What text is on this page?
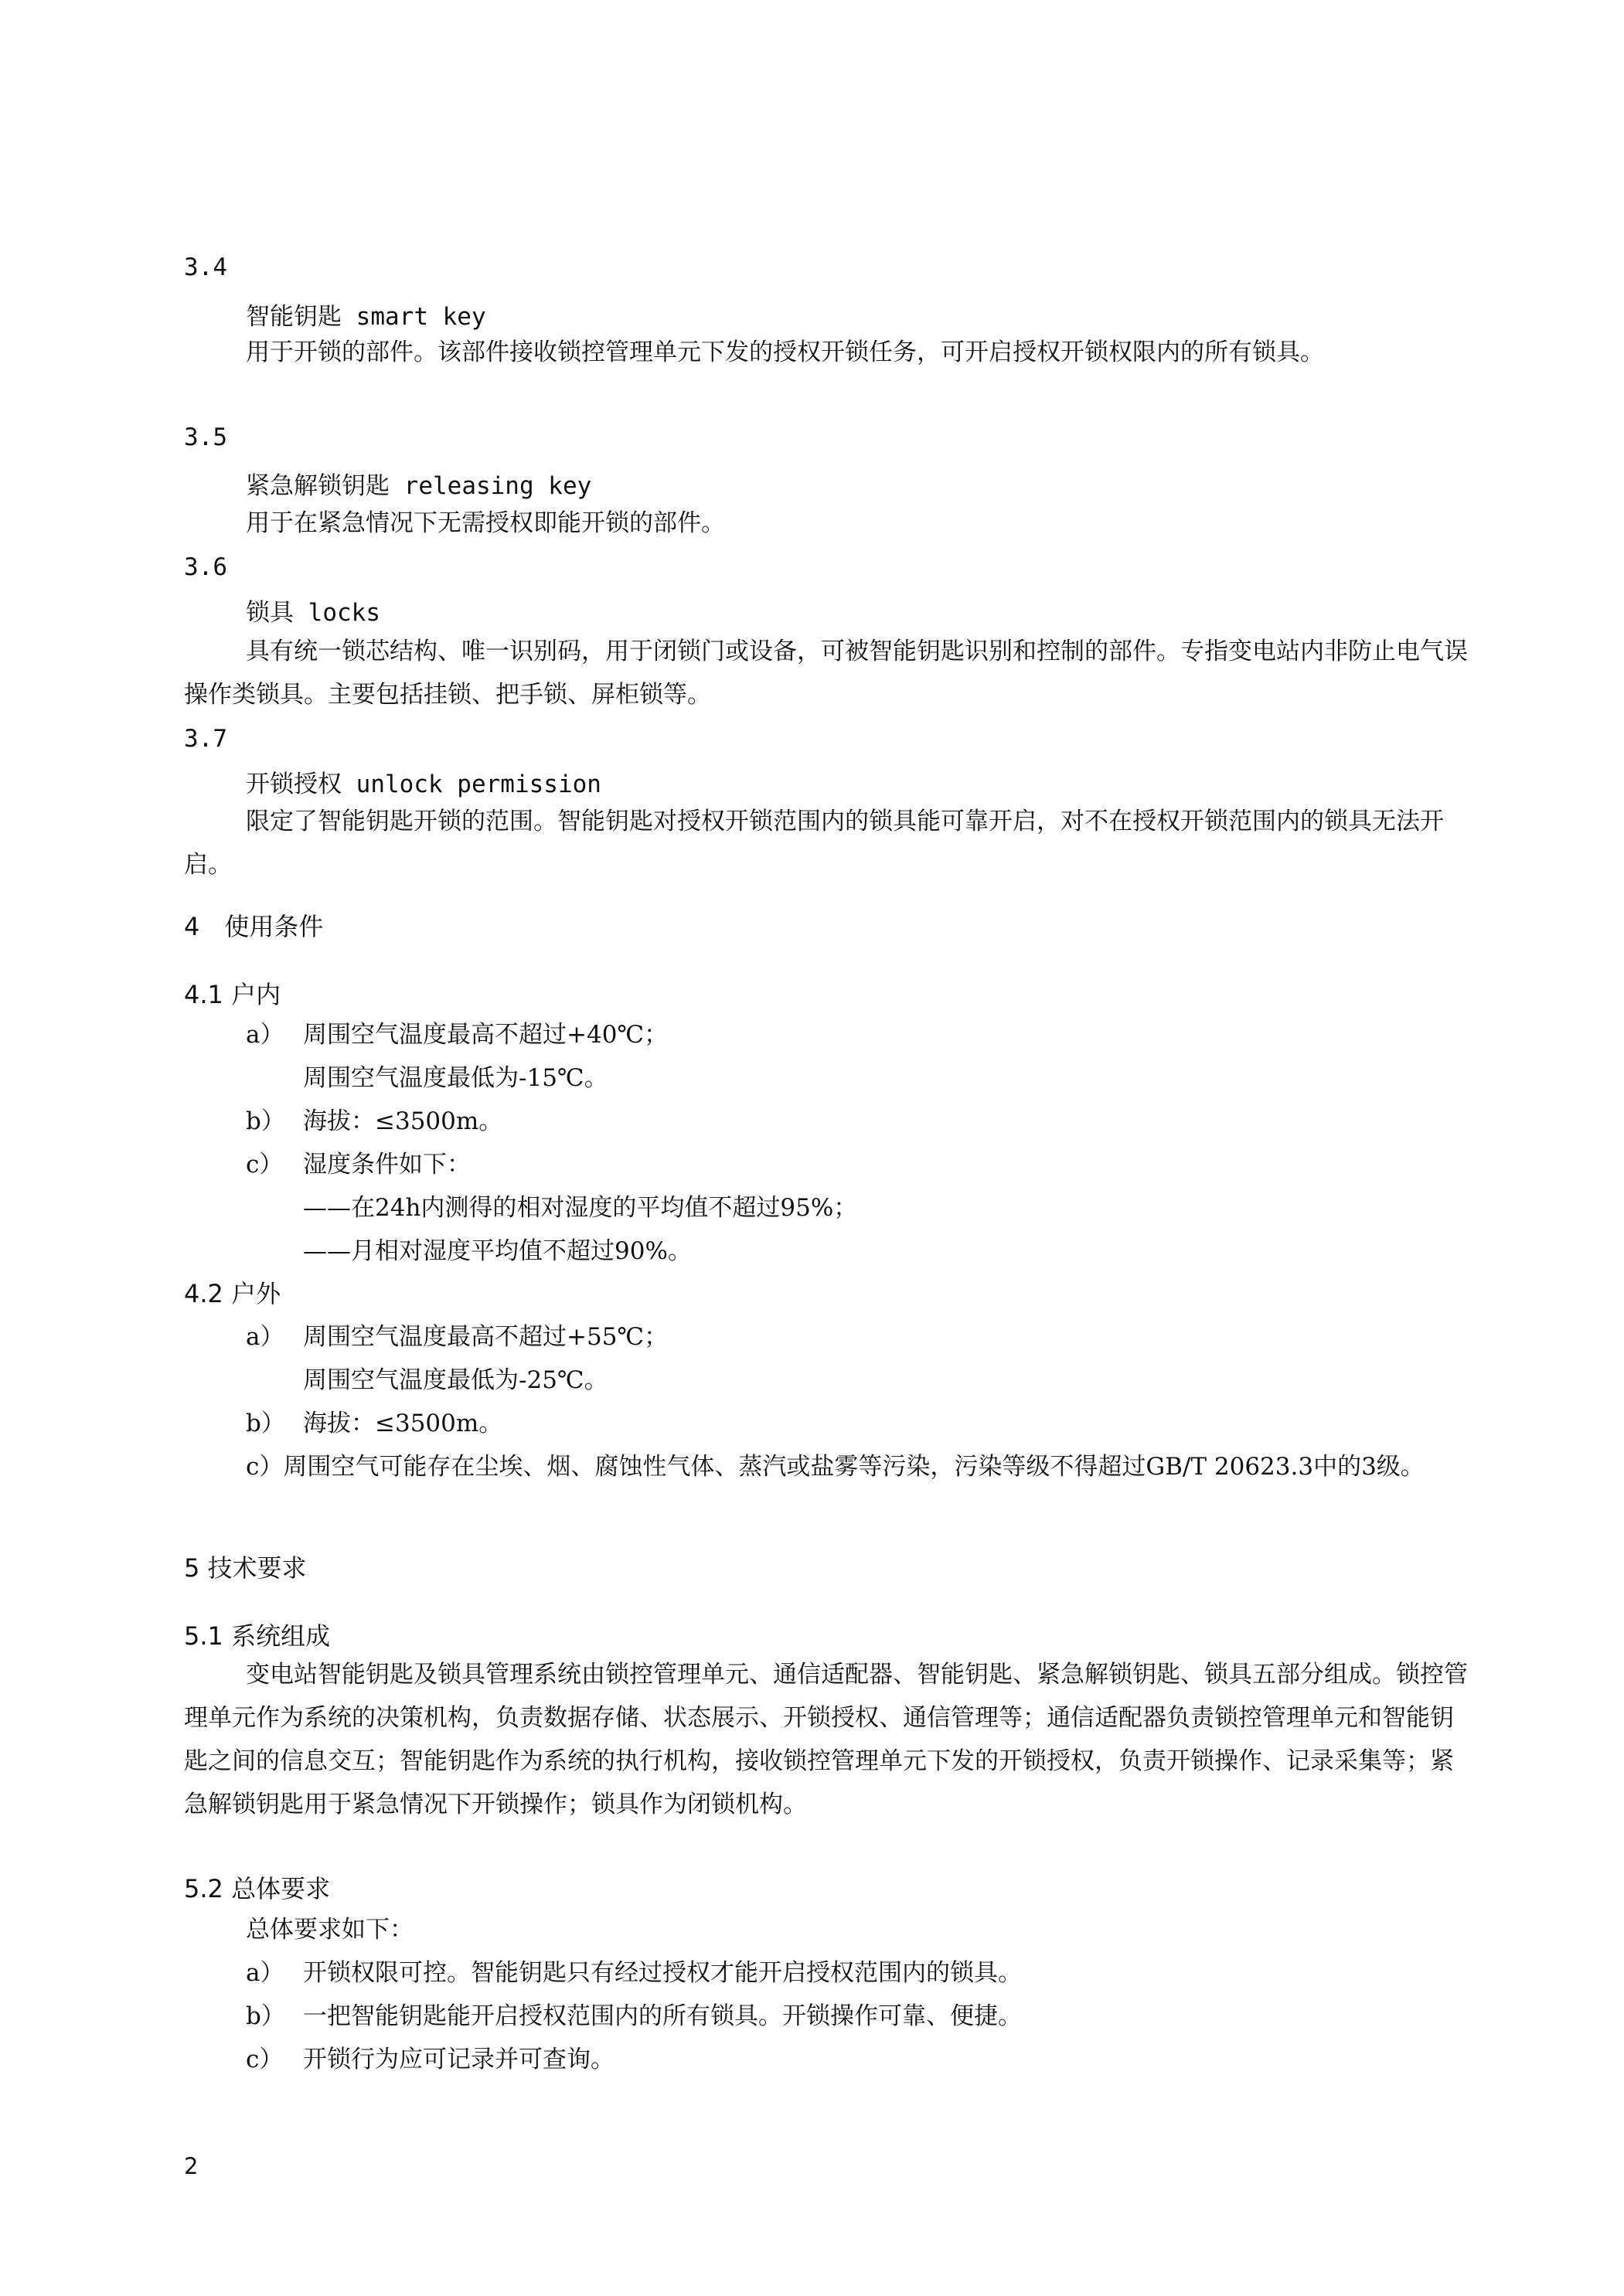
3.4
智能钥匙 smart key
用于开锁的部件。该部件接收锁控管理单元下发的授权开锁任务，可开启授权开锁权限内的所有锁具。
3.5
紧急解锁钥匙 releasing key
用于在紧急情况下无需授权即能开锁的部件。
3.6
锁具 locks
具有统一锁芯结构、唯一识别码，用于闭锁门或设备，可被智能钥匙识别和控制的部件。专指变电站内非防止电气误操作类锁具。主要包括挂锁、把手锁、屏柜锁等。
3.7
开锁授权 unlock permission
限定了智能钥匙开锁的范围。智能钥匙对授权开锁范围内的锁具能可靠开启，对不在授权开锁范围内的锁具无法开启。
4　使用条件
4.1 户内
a） 周围空气温度最高不超过+40℃；
周围空气温度最低为-15℃。
b） 海拔：≤3500m。
c） 湿度条件如下：
——在24h内测得的相对湿度的平均值不超过95%；
——月相对湿度平均值不超过90%。
4.2 户外
a） 周围空气温度最高不超过+55℃；
周围空气温度最低为-25℃。
b） 海拔：≤3500m。
c）周围空气可能存在尘埃、烟、腐蚀性气体、蒸汽或盐雾等污染，污染等级不得超过GB/T 20623.3中的3级。
5 技术要求
5.1 系统组成
变电站智能钥匙及锁具管理系统由锁控管理单元、通信适配器、智能钥匙、紧急解锁钥匙、锁具五部分组成。锁控管理单元作为系统的决策机构，负责数据存储、状态展示、开锁授权、通信管理等；通信适配器负责锁控管理单元和智能钥匙之间的信息交互；智能钥匙作为系统的执行机构，接收锁控管理单元下发的开锁授权，负责开锁操作、记录采集等；紧急解锁钥匙用于紧急情况下开锁操作；锁具作为闭锁机构。
5.2 总体要求
总体要求如下：
a） 开锁权限可控。智能钥匙只有经过授权才能开启授权范围内的锁具。
b） 一把智能钥匙能开启授权范围内的所有锁具。开锁操作可靠、便捷。
c） 开锁行为应可记录并可查询。
2
